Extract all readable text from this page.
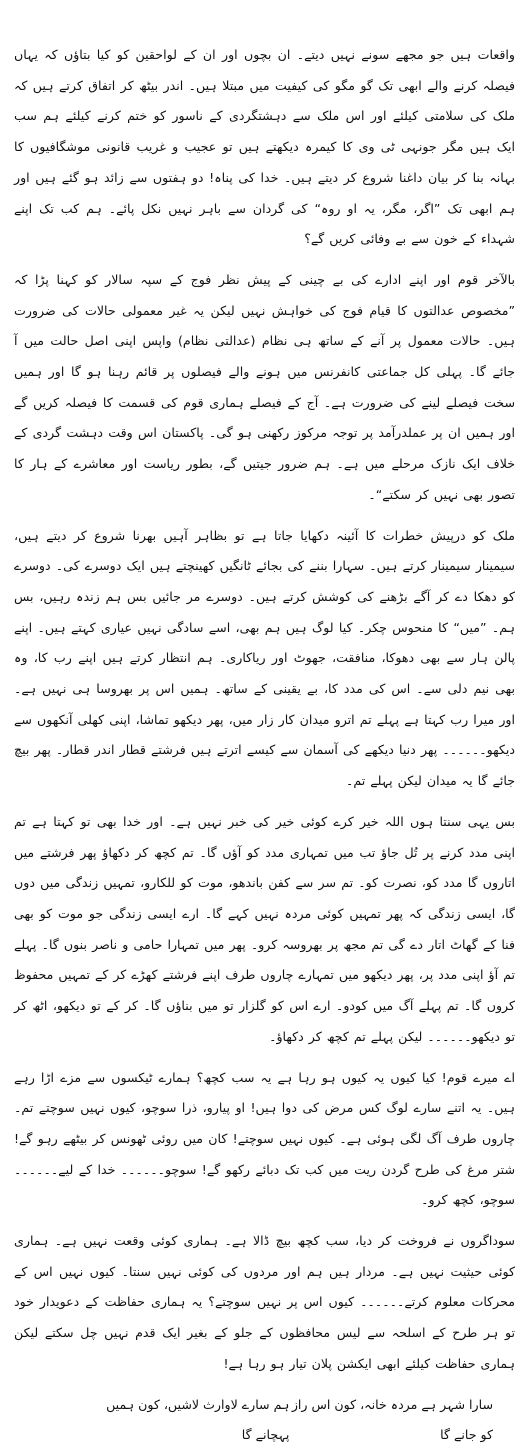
واقعات ہیں جو مجھے سونے نہیں دیتے۔ ان بچوں اور ان کے لواحقین کو کیا بتاؤں کہ یہاں فیصلہ کرنے والے ابھی تک گو مگو کی کیفیت میں مبتلا ہیں۔ اندر بیٹھ کر اتفاق کرتے ہیں کہ ملک کی سلامتی کیلئے اور اس ملک سے دہشتگردی کے ناسور کو ختم کرنے کیلئے ہم سب ایک ہیں مگر جونہی ٹی وی کا کیمرہ دیکھتے ہیں تو عجیب و غریب قانونی موشگافیوں کا بہانہ بنا کر بیان داغنا شروع کر دیتے ہیں۔ خدا کی پناہ! دو ہفتوں سے زائد ہو گئے ہیں اور ہم ابھی تک ”اگر، مگر، یہ او روہ“ کی گردان سے باہر نہیں نکل پائے۔ ہم کب تک اپنے شہداء کے خون سے بے وفائی کریں گے؟

بالآخر قوم اور اپنے ادارے کی بے چینی کے پیش نظر فوج کے سپہ سالار کو کہنا پڑا کہ ”مخصوص عدالتوں کا قیام فوج کی خواہش نہیں لیکن یہ غیر معمولی حالات کی ضرورت ہیں۔ حالات معمول پر آنے کے ساتھ ہی نظام (عدالتی نظام) واپس اپنی اصل حالت میں آ جائے گا۔ پہلی کل جماعتی کانفرنس میں ہونے والے فیصلوں پر قائم رہنا ہو گا اور ہمیں سخت فیصلے لینے کی ضرورت ہے۔ آج کے فیصلے ہماری قوم کی قسمت کا فیصلہ کریں گے اور ہمیں ان پر عملدرآمد پر توجہ مرکوز رکھنی ہو گی۔ پاکستان اس وقت دہشت گردی کے خلاف ایک نازک مرحلے میں ہے۔ ہم ضرور جیتیں گے، بطور ریاست اور معاشرے کے ہار کا تصور بھی نہیں کر سکتے“۔

ملک کو درپیش خطرات کا آئینہ دکھایا جاتا ہے تو بظاہر آہیں بھرنا شروع کر دیتے ہیں، سیمینار سیمینار کرتے ہیں۔ سہارا بننے کی بجائے ٹانگیں کھینچتے ہیں ایک دوسرے کی۔ دوسرے کو دھکا دے کر آگے بڑھنے کی کوشش کرتے ہیں۔ دوسرے مر جائیں بس ہم زندہ رہیں، بس ہم۔ ”میں“ کا منحوس چکر۔ کیا لوگ ہیں ہم بھی، اسے سادگی نہیں عیاری کہتے ہیں۔ اپنے پالن ہار سے بھی دھوکا، منافقت، جھوٹ اور ریاکاری۔ ہم انتظار کرتے ہیں اپنے رب کا، وہ بھی نیم دلی سے۔ اس کی مدد کا، بے یقینی کے ساتھ۔ ہمیں اس پر بھروسا ہی نہیں ہے۔ اور میرا رب کہتا ہے پہلے تم اترو میدان کار زار میں، پھر دیکھو تماشا، اپنی کھلی آنکھوں سے دیکھو۔۔۔۔۔۔ پھر دنیا دیکھے کی آسمان سے کیسے اترتے ہیں فرشتے قطار اندر قطار۔ پھر بیچ جائے گا یہ میدان لیکن پہلے تم۔

بس یہی سنتا ہوں اللہ خیر کرے کوئی خیر کی خبر نہیں ہے۔ اور خدا بھی تو کہتا ہے تم اپنی مدد کرنے پر تُل جاؤ تب میں تمہاری مدد کو آؤں گا۔ تم کچھ کر دکھاؤ پھر فرشتے میں اتاروں گا مدد کو، نصرت کو۔ تم سر سے کفن باندھو، موت کو للکارو، تمہیں زندگی میں دوں گا، ایسی زندگی کہ پھر تمہیں کوئی مردہ نہیں کہے گا۔ ارے ایسی زندگی جو موت کو بھی فنا کے گھاٹ اتار دے گی تم مجھ پر بھروسہ کرو۔ پھر میں تمہارا حامی و ناصر بنوں گا۔ پہلے تم آؤ اپنی مدد پر، پھر دیکھو میں تمہارے چاروں طرف اپنے فرشتے کھڑے کر کے تمہیں محفوظ کروں گا۔ تم پہلے آگ میں کودو۔ ارے اس کو گلزار تو میں بناؤں گا۔ کر کے تو دیکھو، اٹھ کر تو دیکھو۔۔۔۔۔۔ لیکن پہلے تم کچھ کر دکھاؤ۔

اے میرے قوم! کیا کیوں یہ کیوں ہو رہا ہے یہ سب کچھ؟ ہمارے ٹیکسوں سے مزے اڑا رہے ہیں۔ یہ اتنے سارے لوگ کس مرض کی دوا ہیں! او پیارو، ذرا سوچو، کیوں نہیں سوچتے تم۔ چاروں طرف آگ لگی ہوئی ہے۔ کیوں نہیں سوچتے! کان میں روئی ٹھونس کر بیٹھے رہو گے! شتر مرغ کی طرح گردن ریت میں کب تک دبائے رکھو گے! سوچو۔۔۔۔۔۔ خدا کے لیے۔۔۔۔۔۔ سوچو، کچھ کرو۔

سوداگروں نے فروخت کر دیا، سب کچھ بیچ ڈالا ہے۔ ہماری کوئی وقعت نہیں ہے۔ ہماری کوئی حیثیت نہیں ہے۔ مردار ہیں ہم اور مردوں کی کوئی نہیں سنتا۔ کیوں نہیں اس کے محرکات معلوم کرتے۔۔۔۔۔۔ کیوں اس پر نہیں سوچتے؟ یہ ہماری حفاظت کے دعویدار خود تو ہر طرح کے اسلحہ سے لیس محافظوں کے جلو کے بغیر ایک قدم نہیں چل سکتے لیکن ہماری حفاظت کیلئے ابھی ایکشن پلان تیار ہو رہا ہے!

سارا شہر ہے مردہ خانہ، کون اس راز کو جانے گا
ہم سارے لاوارث لاشیں، کون ہمیں پہچانے گا
